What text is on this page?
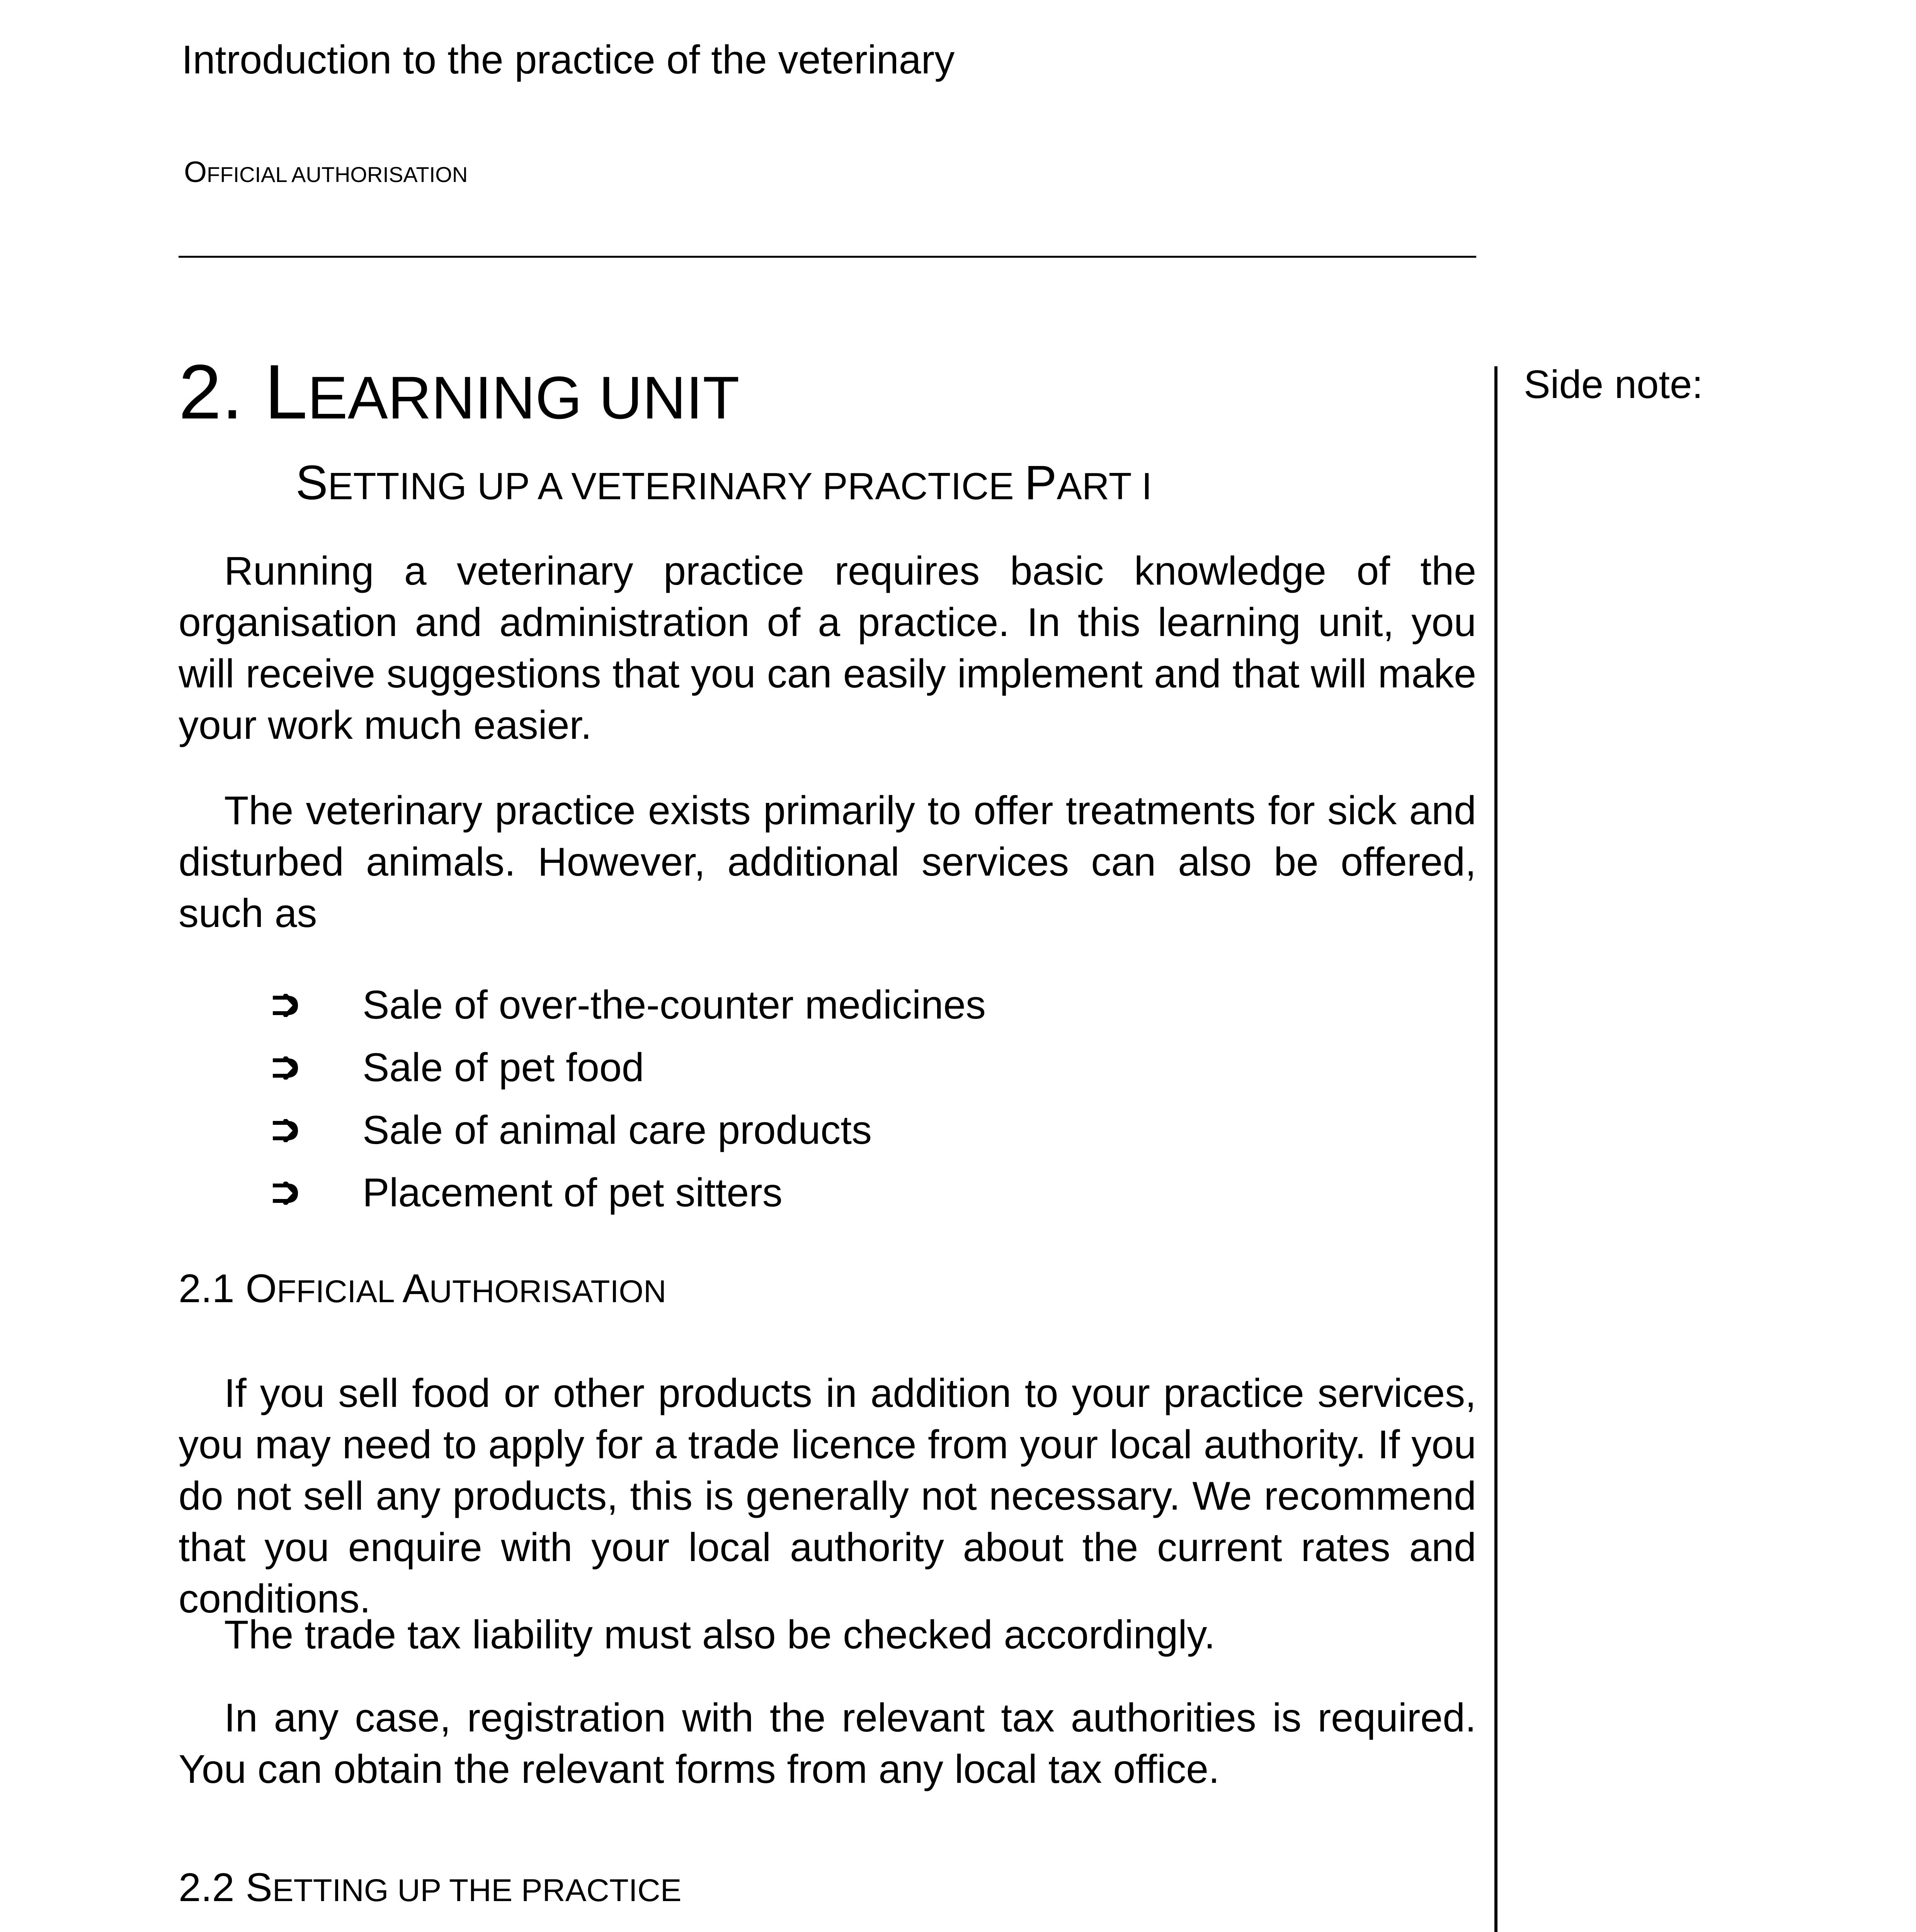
Introduction to the practice of the veterinary
OFFICIAL AUTHORISATION
Side note:
2. LEARNING UNIT
SETTING UP A VETERINARY PRACTICE PART I

Running a veterinary practice requires basic knowledge of the organisation and administration of a practice. In this learning unit, you will receive suggestions that you can easily implement and that will make your work much easier.

The veterinary practice exists primarily to offer treatments for sick and disturbed animals. However, additional services can also be offered, such as

Sale of over-the-counter medicines
Sale of pet food
Sale of animal care products
Placement of pet sitters
2.1 OFFICIAL AUTHORISATION

If you sell food or other products in addition to your practice services, you may need to apply for a trade licence from your local authority. If you do not sell any products, this is generally not necessary. We recommend that you enquire with your local authority about the current rates and conditions.

The trade tax liability must also be checked accordingly.

In any case, registration with the relevant tax authorities is required. You can obtain the relevant forms from any local tax office.

2.2 SETTING UP THE PRACTICE
